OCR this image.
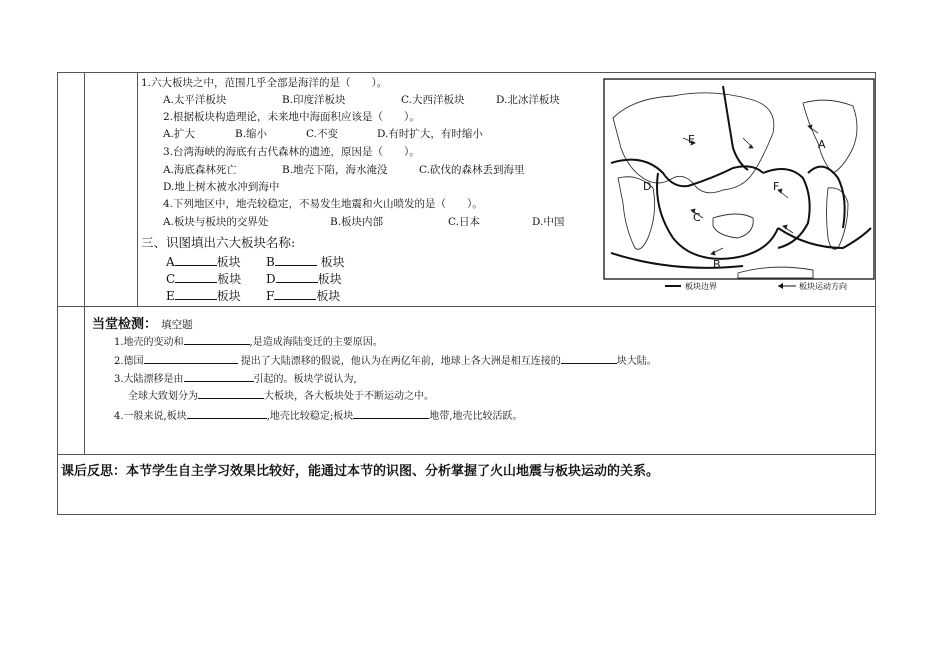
1.六大板块之中，范围几乎全部是海洋的是（　　）。
A.太平洋板块	B.印度洋板块	C.大西洋板块	D.北冰洋板块
2.根据板块构造理论，未来地中海面积应该是（　　）。
A.扩大	B.缩小	C.不变	D.有时扩大，有时缩小
3.台湾海峡的海底有古代森林的遗迹，原因是（　　）。
A.海底森林死亡	B.地壳下陷，海水淹没	C.砍伐的森林丢到海里
D.地上树木被水冲到海中
4.下列地区中，地壳较稳定，不易发生地震和火山喷发的是（　　）。
A.板块与板块的交界处	B.板块内部	C.日本	D.中国
三、识图填出六大板块名称:
A	板块 B	板块
C	板块 D	板块
E	板块 F	板块
A
B
C
D
E
F
板块边界	板块运动方向
当堂检测： 填空题
1.地壳的变动和	,是造成海陆变迁的主要原因。
2.德国	提出了大陆漂移的假说，他认为在两亿年前，地球上各大洲是相互连接的	块大陆。
3.大陆漂移是由	引起的。板块学说认为,
全球大致划分为	大板块，各大板块处于不断运动之中。
4.一般来说,板块	,地壳比较稳定;板块	地带,地壳比较活跃。
课后反思：本节学生自主学习效果比较好，能通过本节的识图、分析掌握了火山地震与板块运动的关系。
